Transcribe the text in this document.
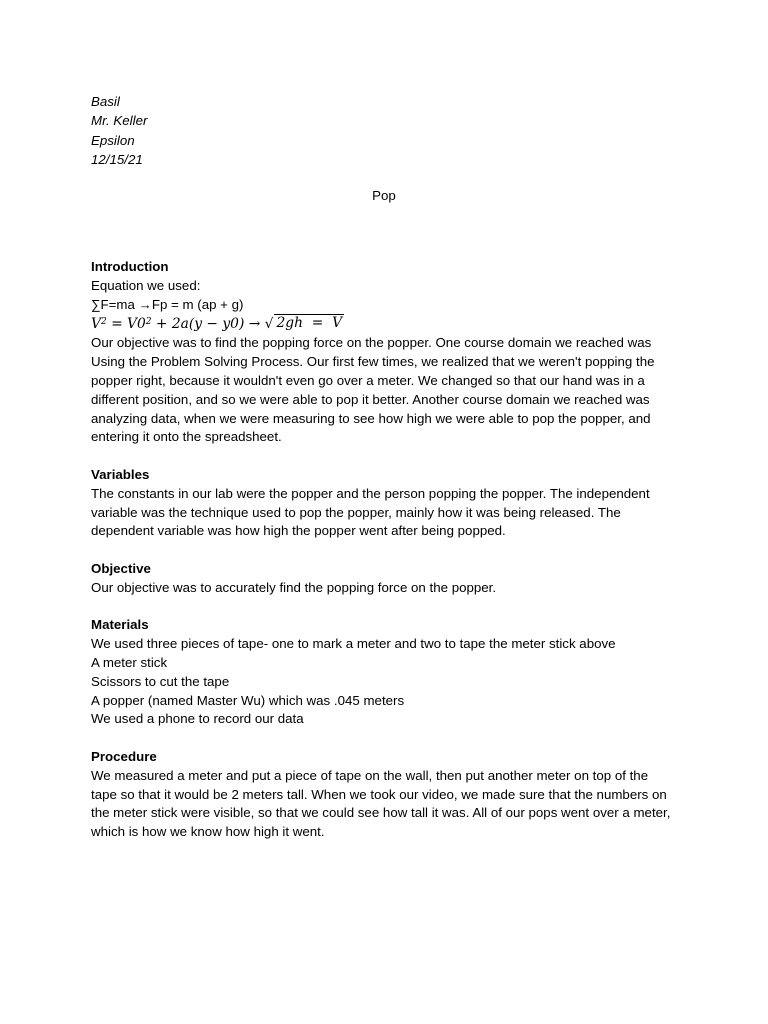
Basil
Mr. Keller
Epsilon
12/15/21
Pop
Introduction
Equation we used:
∑F=ma →Fp = m (ap + g)
$V^2 = V0^2 + 2a(y - y0)$ → √ 2gh  =  V
Our objective was to find the popping force on the popper. One course domain we reached was Using the Problem Solving Process. Our first few times, we realized that we weren't popping the popper right, because it wouldn't even go over a meter. We changed so that our hand was in a different position, and so we were able to pop it better. Another course domain we reached was analyzing data, when we were measuring to see how high we were able to pop the popper, and entering it onto the spreadsheet.
Variables
The constants in our lab were the popper and the person popping the popper. The independent variable was the technique used to pop the popper, mainly how it was being released. The dependent variable was how high the popper went after being popped.
Objective
Our objective was to accurately find the popping force on the popper.
Materials
We used three pieces of tape- one to mark a meter and two to tape the meter stick above
A meter stick
Scissors to cut the tape
A popper (named Master Wu) which was .045 meters
We used a phone to record our data
Procedure
We measured a meter and put a piece of tape on the wall, then put another meter on top of the tape so that it would be 2 meters tall. When we took our video, we made sure that the numbers on the meter stick were visible, so that we could see how tall it was. All of our pops went over a meter, which is how we know how high it went.
